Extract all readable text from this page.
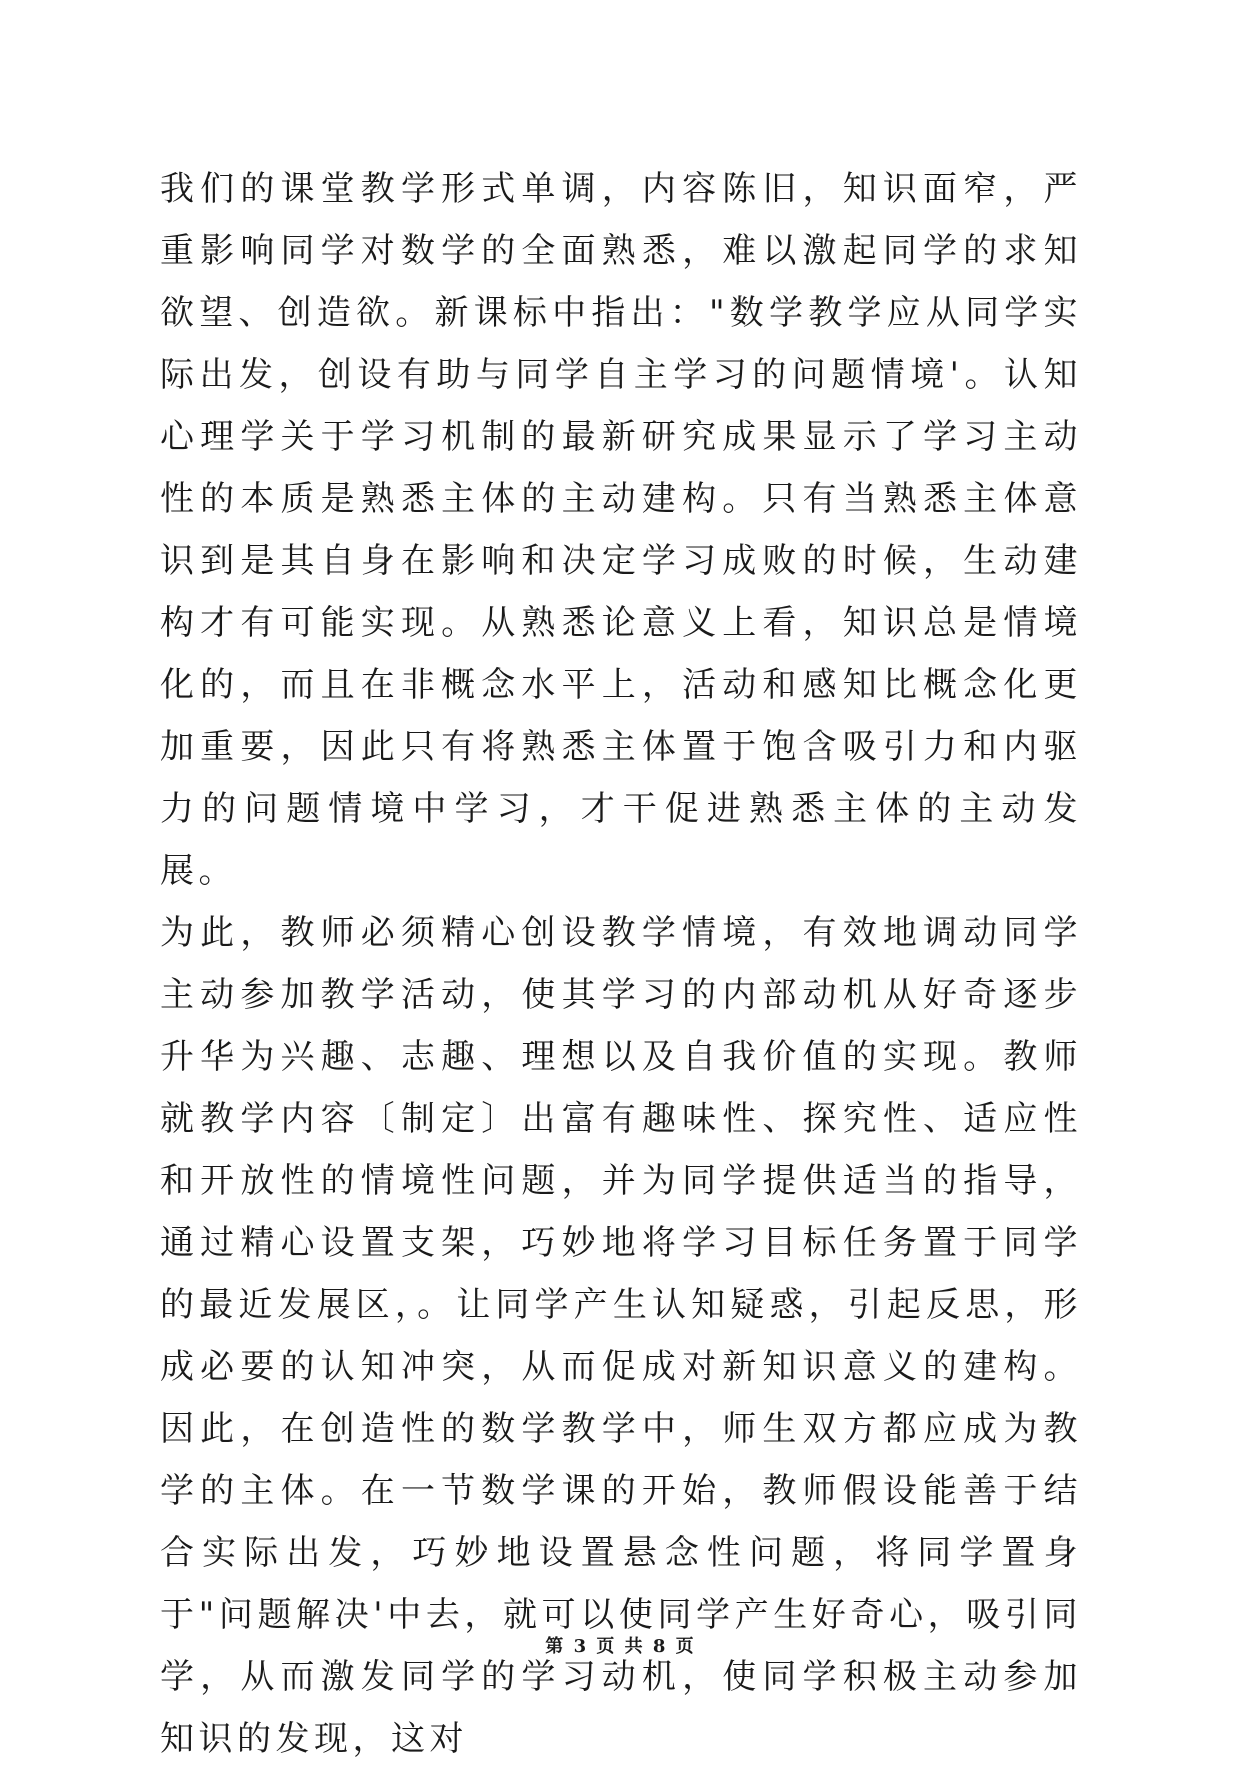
我们的课堂教学形式单调，内容陈旧，知识面窄，严重影响同学对数学的全面熟悉，难以激起同学的求知欲望、创造欲。新课标中指出："数学教学应从同学实际出发，创设有助与同学自主学习的问题情境'。认知心理学关于学习机制的最新研究成果显示了学习主动性的本质是熟悉主体的主动建构。只有当熟悉主体意识到是其自身在影响和决定学习成败的时候，生动建构才有可能实现。从熟悉论意义上看，知识总是情境化的，而且在非概念水平上，活动和感知比概念化更加重要，因此只有将熟悉主体置于饱含吸引力和内驱力的问题情境中学习，才干促进熟悉主体的主动发展。

为此，教师必须精心创设教学情境，有效地调动同学主动参加教学活动，使其学习的内部动机从好奇逐步升华为兴趣、志趣、理想以及自我价值的实现。教师就教学内容〔制定〕出富有趣味性、探究性、适应性和开放性的情境性问题，并为同学提供适当的指导，通过精心设置支架，巧妙地将学习目标任务置于同学的最近发展区，。让同学产生认知疑惑，引起反思，形成必要的认知冲突，从而促成对新知识意义的建构。因此，在创造性的数学教学中，师生双方都应成为教学的主体。在一节数学课的开始，教师假设能善于结合实际出发，巧妙地设置悬念性问题，将同学置身于"问题解决'中去，就可以使同学产生好奇心，吸引同学，从而激发同学的学习动机，使同学积极主动参加知识的发现，这对

第 3 页 共 8 页
